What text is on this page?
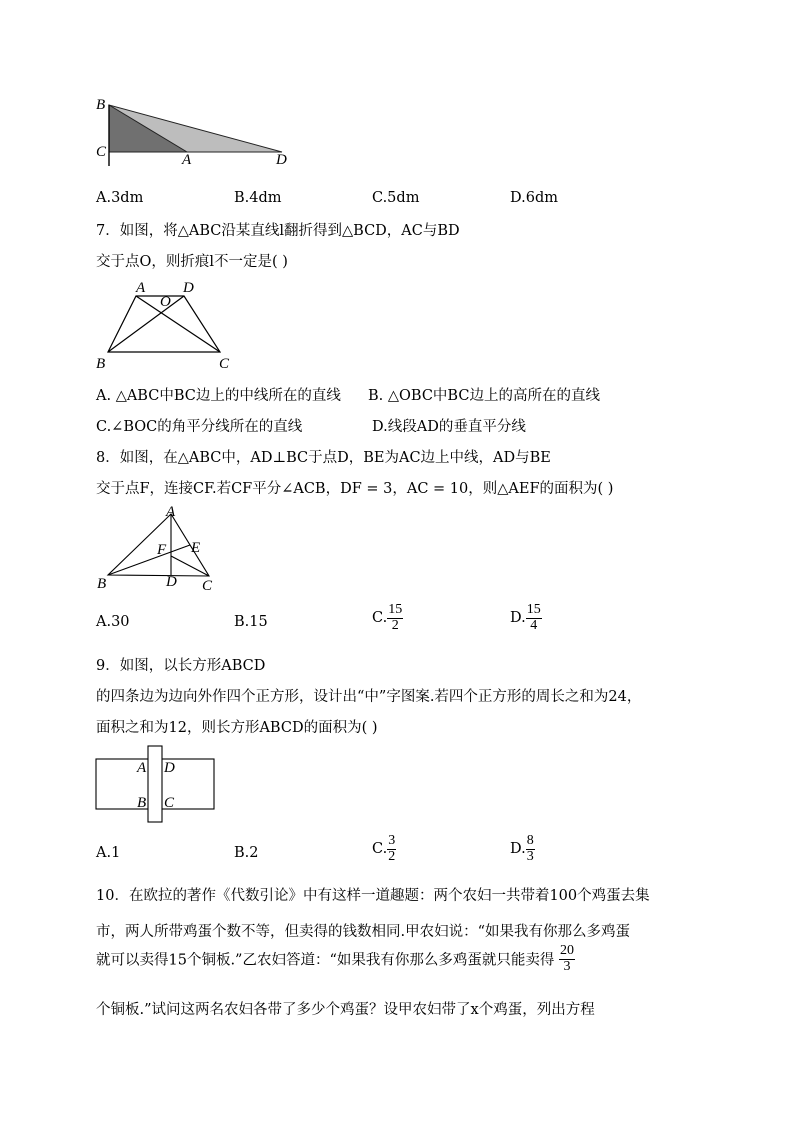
B
C	A	D
A.3dm	B.4dm	C.5dm	D.6dm
7．如图，将△ABC沿某直线l翻折得到△BCD，AC与BD
交于点O，则折痕l不一定是( )
A
O
D
B	C
A. △ABC中BC边上的中线所在的直线 B. △OBC中BC边上的高所在的直线
C.∠BOC的角平分线所在的直线	D.线段AD的垂直平分线
8．如图，在△ABC中，AD⊥BC于点D，BE为AC边上中线，AD与BE
交于点F，连接CF.若CF平分∠ACB，DF = 3，AC = 10，则△AEF的面积为( )
A
F E
B	D C
A.30	B.15	C. $\frac{15}{2}$	D. $\frac{15}{4}$
9．如图，以长方形ABCD
的四条边为边向外作四个正方形，设计出“中”字图案.若四个正方形的周长之和为24，
面积之和为12，则长方形ABCD的面积为( )
A D
B C
A.1	B.2	C. $\frac{3}{2}$	D. $\frac{8}{3}$
10．在欧拉的著作《代数引论》中有这样一道趣题：两个农妇一共带着100个鸡蛋去集
市，两人所带鸡蛋个数不等，但卖得的钱数相同.甲农妇说：“如果我有你那么多鸡蛋
就可以卖得15个铜板.”乙农妇答道：“如果我有你那么多鸡蛋就只能卖得 $\frac{20}{3}$
个铜板.”试问这两名农妇各带了多少个鸡蛋？设甲农妇带了x个鸡蛋，列出方程
